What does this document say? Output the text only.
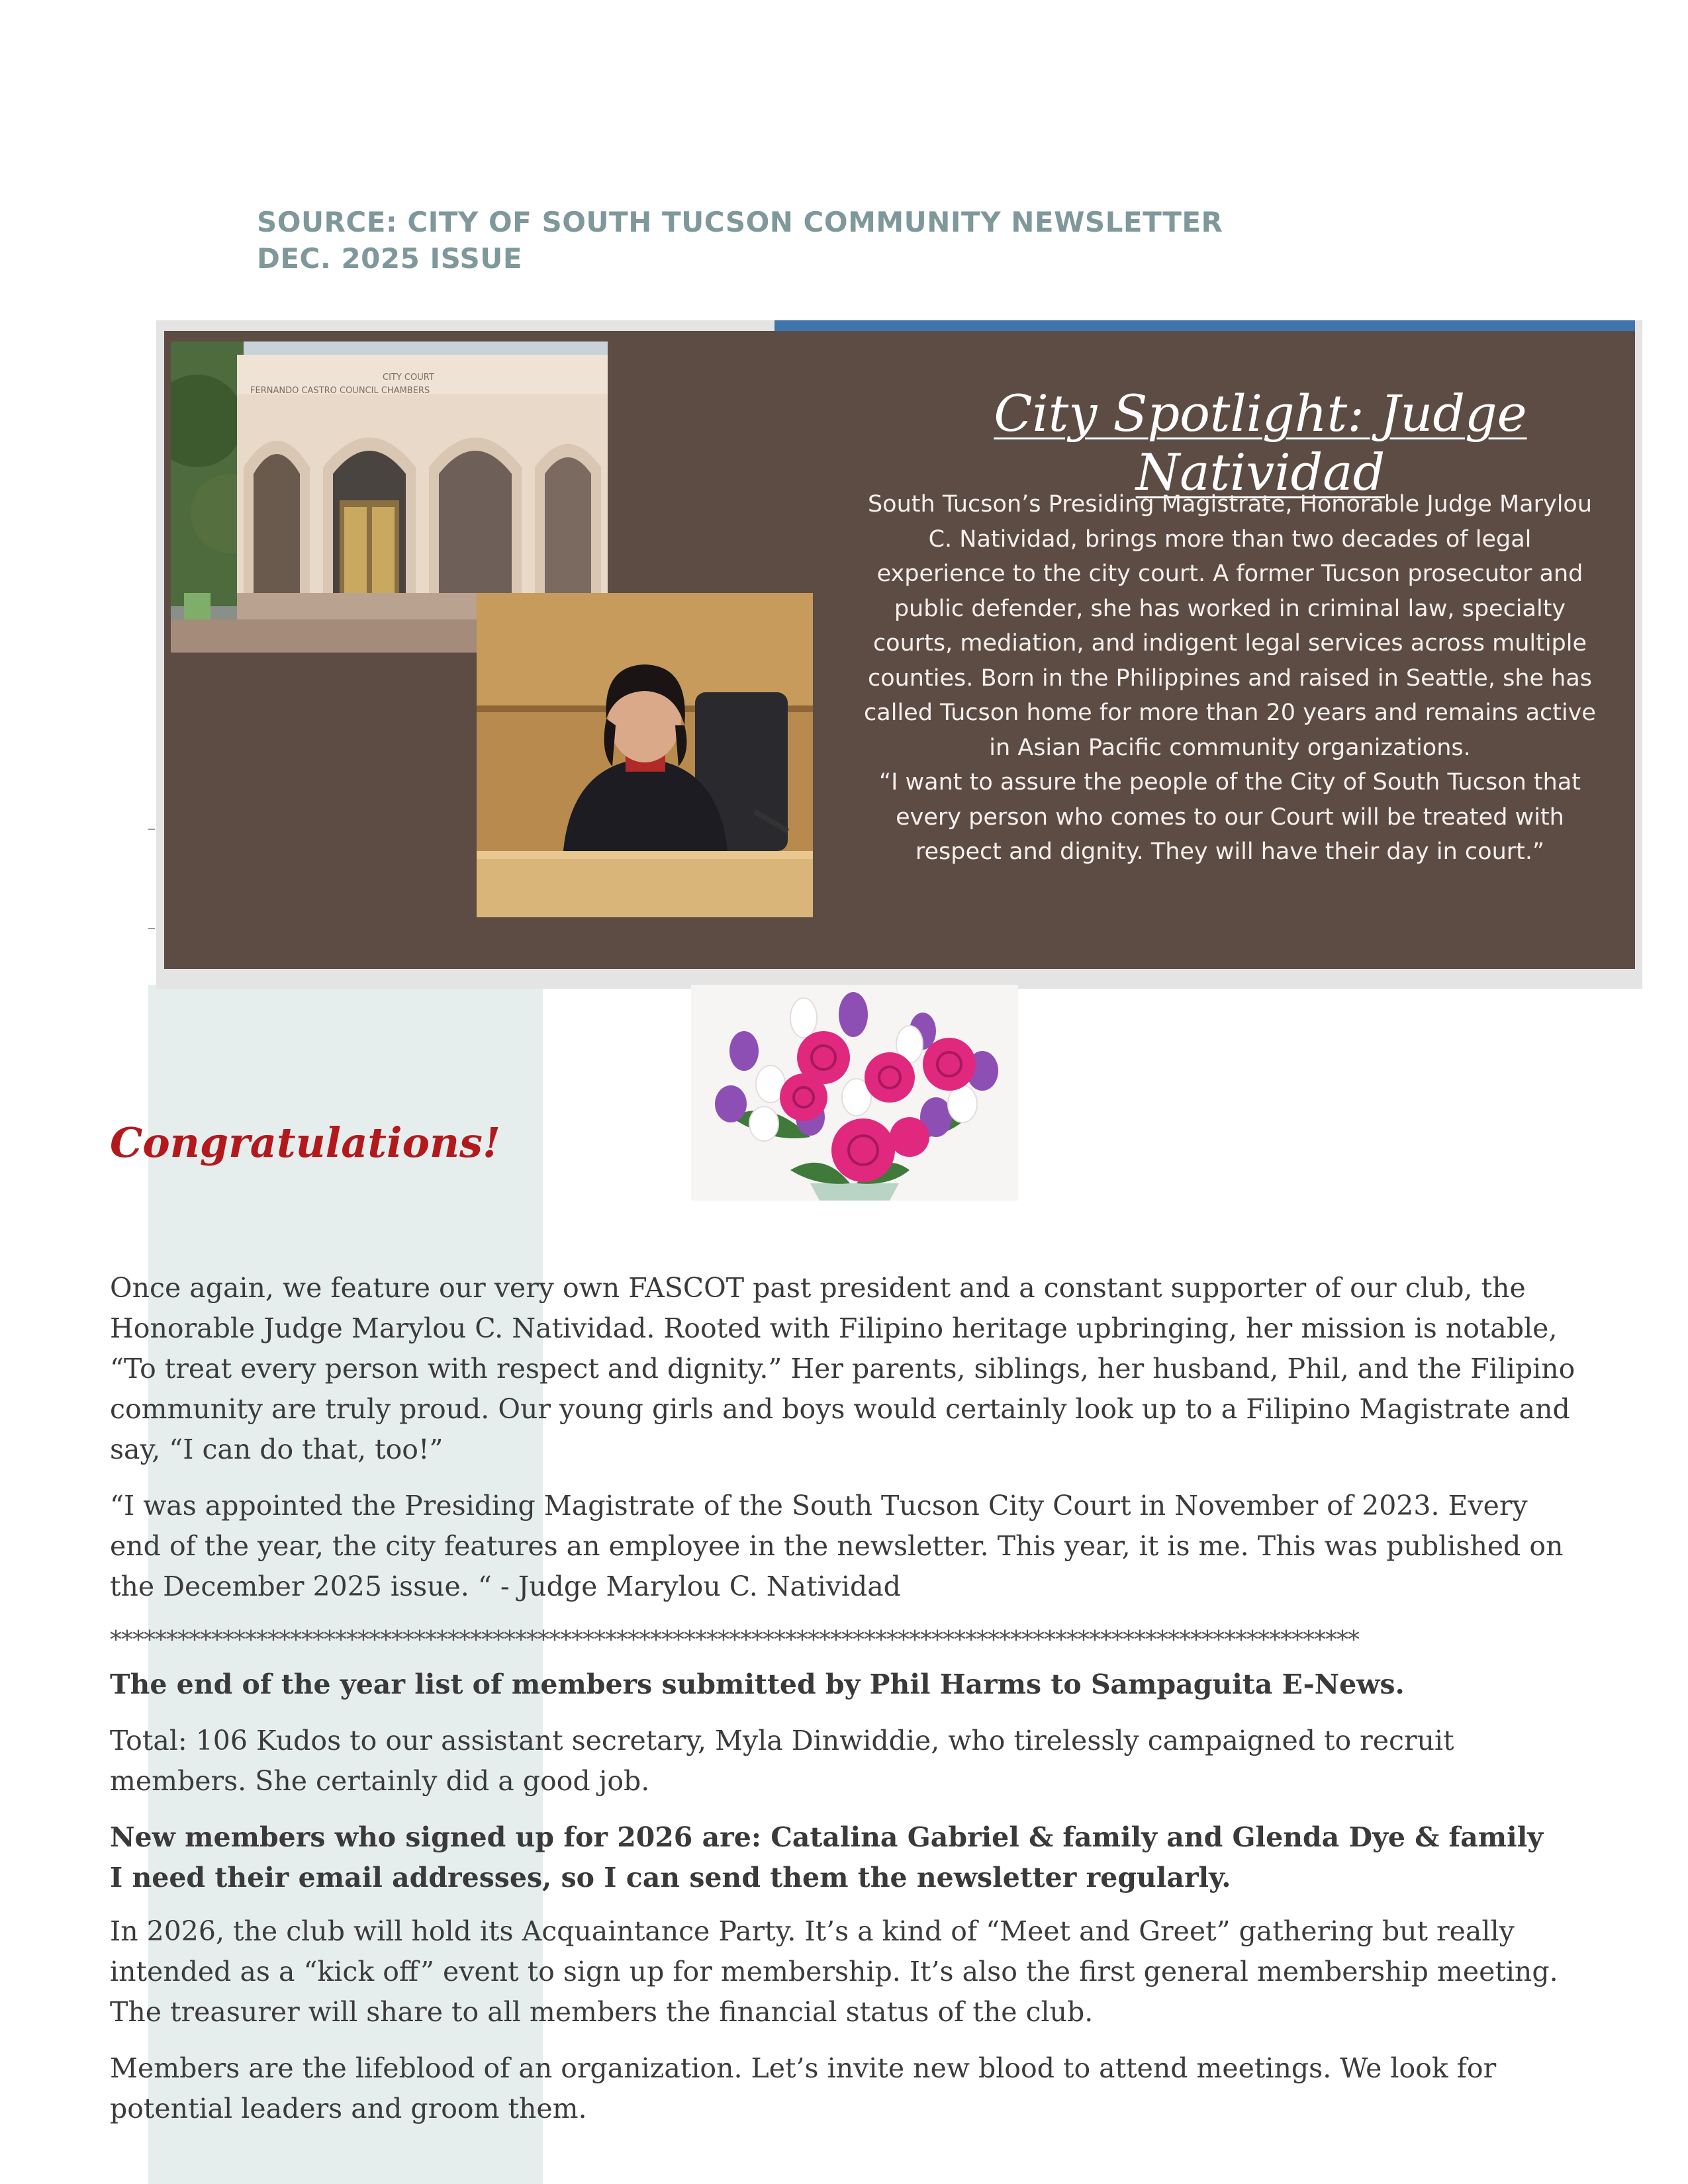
SOURCE: CITY OF SOUTH TUCSON COMMUNITY NEWSLETTER
DEC. 2025 ISSUE
CITY COURT
FERNANDO CASTRO COUNCIL CHAMBERS	City Spotlight: Judge Natividad
South Tucson’s Presiding Magistrate, Honorable Judge Marylou
C. Natividad, brings more than two decades of legal
experience to the city court. A former Tucson prosecutor and
public defender, she has worked in criminal law, specialty
courts, mediation, and indigent legal services across multiple
counties. Born in the Philippines and raised in Seattle, she has
called Tucson home for more than 20 years and remains active
in Asian Pacific community organizations.
“I want to assure the people of the City of South Tucson that
every person who comes to our Court will be treated with
respect and dignity. They will have their day in court.”
Congratulations!

Once again, we feature our very own FASCOT past president and a constant supporter of our club, the Honorable Judge Marylou C. Natividad. Rooted with Filipino heritage upbringing, her mission is notable, “To treat every person with respect and dignity.” Her parents, siblings, her husband, Phil, and the Filipino community are truly proud. Our young girls and boys would certainly look up to a Filipino Magistrate and say, “I can do that, too!”

“I was appointed the Presiding Magistrate of the South Tucson City Court in November of 2023. Every end of the year, the city features an employee in the newsletter. This year, it is me. This was published on the December 2025 issue. “ - Judge Marylou C. Natividad

***************************************************************************************************************

The end of the year list of members submitted by Phil Harms to Sampaguita E-News.

Total: 106 Kudos to our assistant secretary, Myla Dinwiddie, who tirelessly campaigned to recruit members. She certainly did a good job.

New members who signed up for 2026 are: Catalina Gabriel & family and Glenda Dye & family
I need their email addresses, so I can send them the newsletter regularly.

In 2026, the club will hold its Acquaintance Party. It’s a kind of “Meet and Greet” gathering but really intended as a “kick off” event to sign up for membership. It’s also the first general membership meeting. The treasurer will share to all members the financial status of the club.

Members are the lifeblood of an organization. Let’s invite new blood to attend meetings. We look for potential leaders and groom them.
